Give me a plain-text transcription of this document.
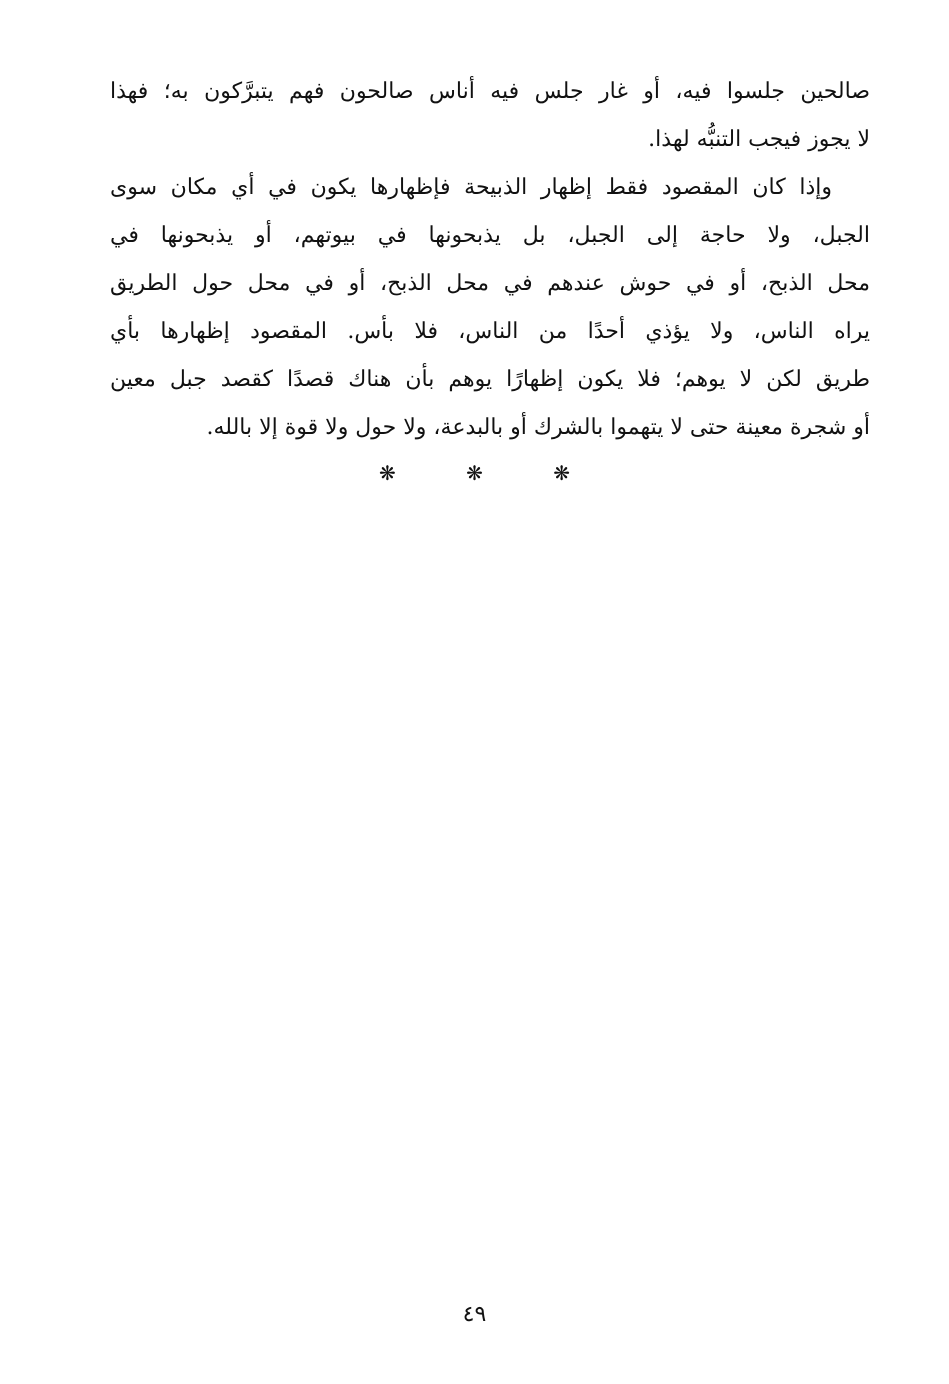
صالحين جلسوا فيه، أو غار جلس فيه أناس صالحون فهم يتبرَّكون به؛ فهذا
لا يجوز فيجب التنبُّه لهذا.
وإذا كان المقصود فقط إظهار الذبيحة فإظهارها يكون في أي مكان سوى
الجبل، ولا حاجة إلى الجبل، بل يذبحونها في بيوتهم، أو يذبحونها في
محل الذبح، أو في حوش عندهم في محل الذبح، أو في محل حول الطريق
يراه الناس، ولا يؤذي أحدًا من الناس، فلا بأس. المقصود إظهارها بأي
طريق لكن لا يوهم؛ فلا يكون إظهارًا يوهم بأن هناك قصدًا كقصد جبل معين
أو شجرة معينة حتى لا يتهموا بالشرك أو بالبدعة، ولا حول ولا قوة إلا بالله.
❋	❋	❋
٤٩
